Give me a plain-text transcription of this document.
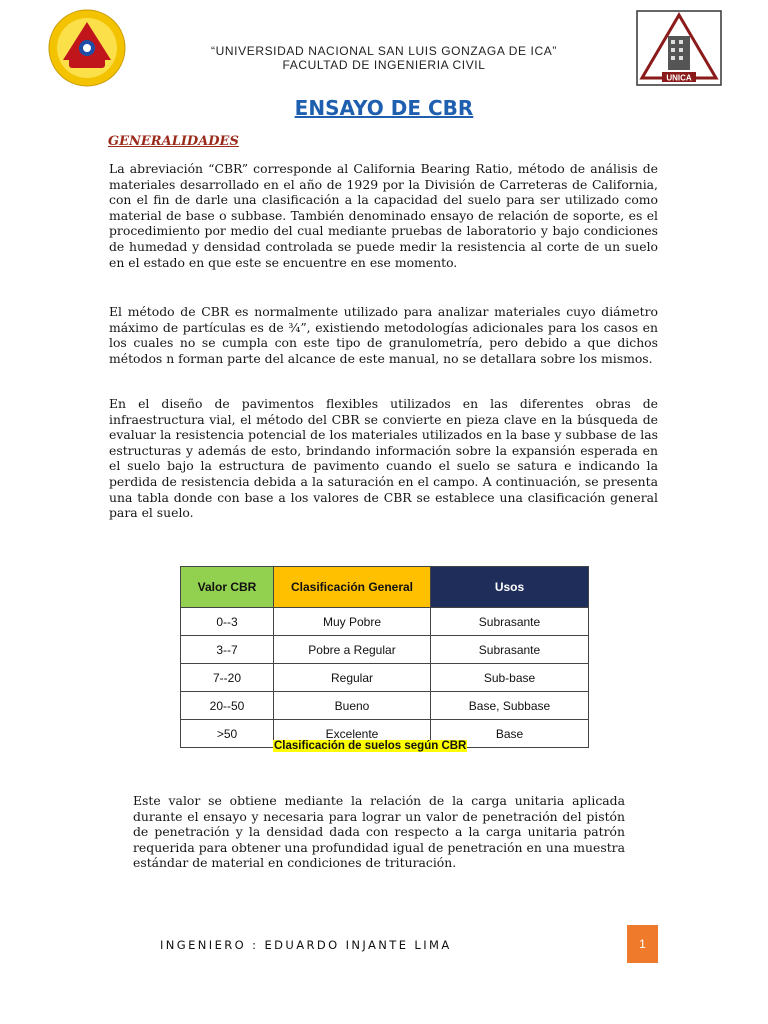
UNICA
“UNIVERSIDAD NACIONAL SAN LUIS GONZAGA DE ICA”
FACULTAD DE INGENIERIA CIVIL
ENSAYO DE CBR
GENERALIDADES

La abreviación “CBR” corresponde al California Bearing Ratio, método de análisis de materiales desarrollado en el año de 1929 por la División de Carreteras de California, con el fin de darle una clasificación a la capacidad del suelo para ser utilizado como material de base o subbase. También denominado ensayo de relación de soporte, es el procedimiento por medio del cual mediante pruebas de laboratorio y bajo condiciones de humedad y densidad controlada se puede medir la resistencia al corte de un suelo en el estado en que este se encuentre en ese momento.

El método de CBR es normalmente utilizado para analizar materiales cuyo diámetro máximo de partículas es de ¾”, existiendo metodologías adicionales para los casos en los cuales no se cumpla con este tipo de granulometría, pero debido a que dichos métodos n forman parte del alcance de este manual, no se detallara sobre los mismos.

En el diseño de pavimentos flexibles utilizados en las diferentes obras de infraestructura vial, el método del CBR se convierte en pieza clave en la búsqueda de evaluar la resistencia potencial de los materiales utilizados en la base y subbase de las estructuras y además de esto, brindando información sobre la expansión esperada en el suelo bajo la estructura de pavimento cuando el suelo se satura e indicando la perdida de resistencia debida a la saturación en el campo. A continuación, se presenta una tabla donde con base a los valores de CBR se establece una clasificación general para el suelo.

Valor CBR	Clasificación General	Usos
0--3	Muy Pobre	Subrasante
3--7	Pobre a Regular	Subrasante
7--20	Regular	Sub-base
20--50	Bueno	Base, Subbase
>50	Excelente	Base
Clasificación de suelos según CBR

Este valor se obtiene mediante la relación de la carga unitaria aplicada durante el ensayo y necesaria para lograr un valor de penetración del pistón de penetración y la densidad dada con respecto a la carga unitaria patrón requerida para obtener una profundidad igual de penetración en una muestra estándar de material en condiciones de trituración.

INGENIERO : EDUARDO INJANTE LIMA	1
